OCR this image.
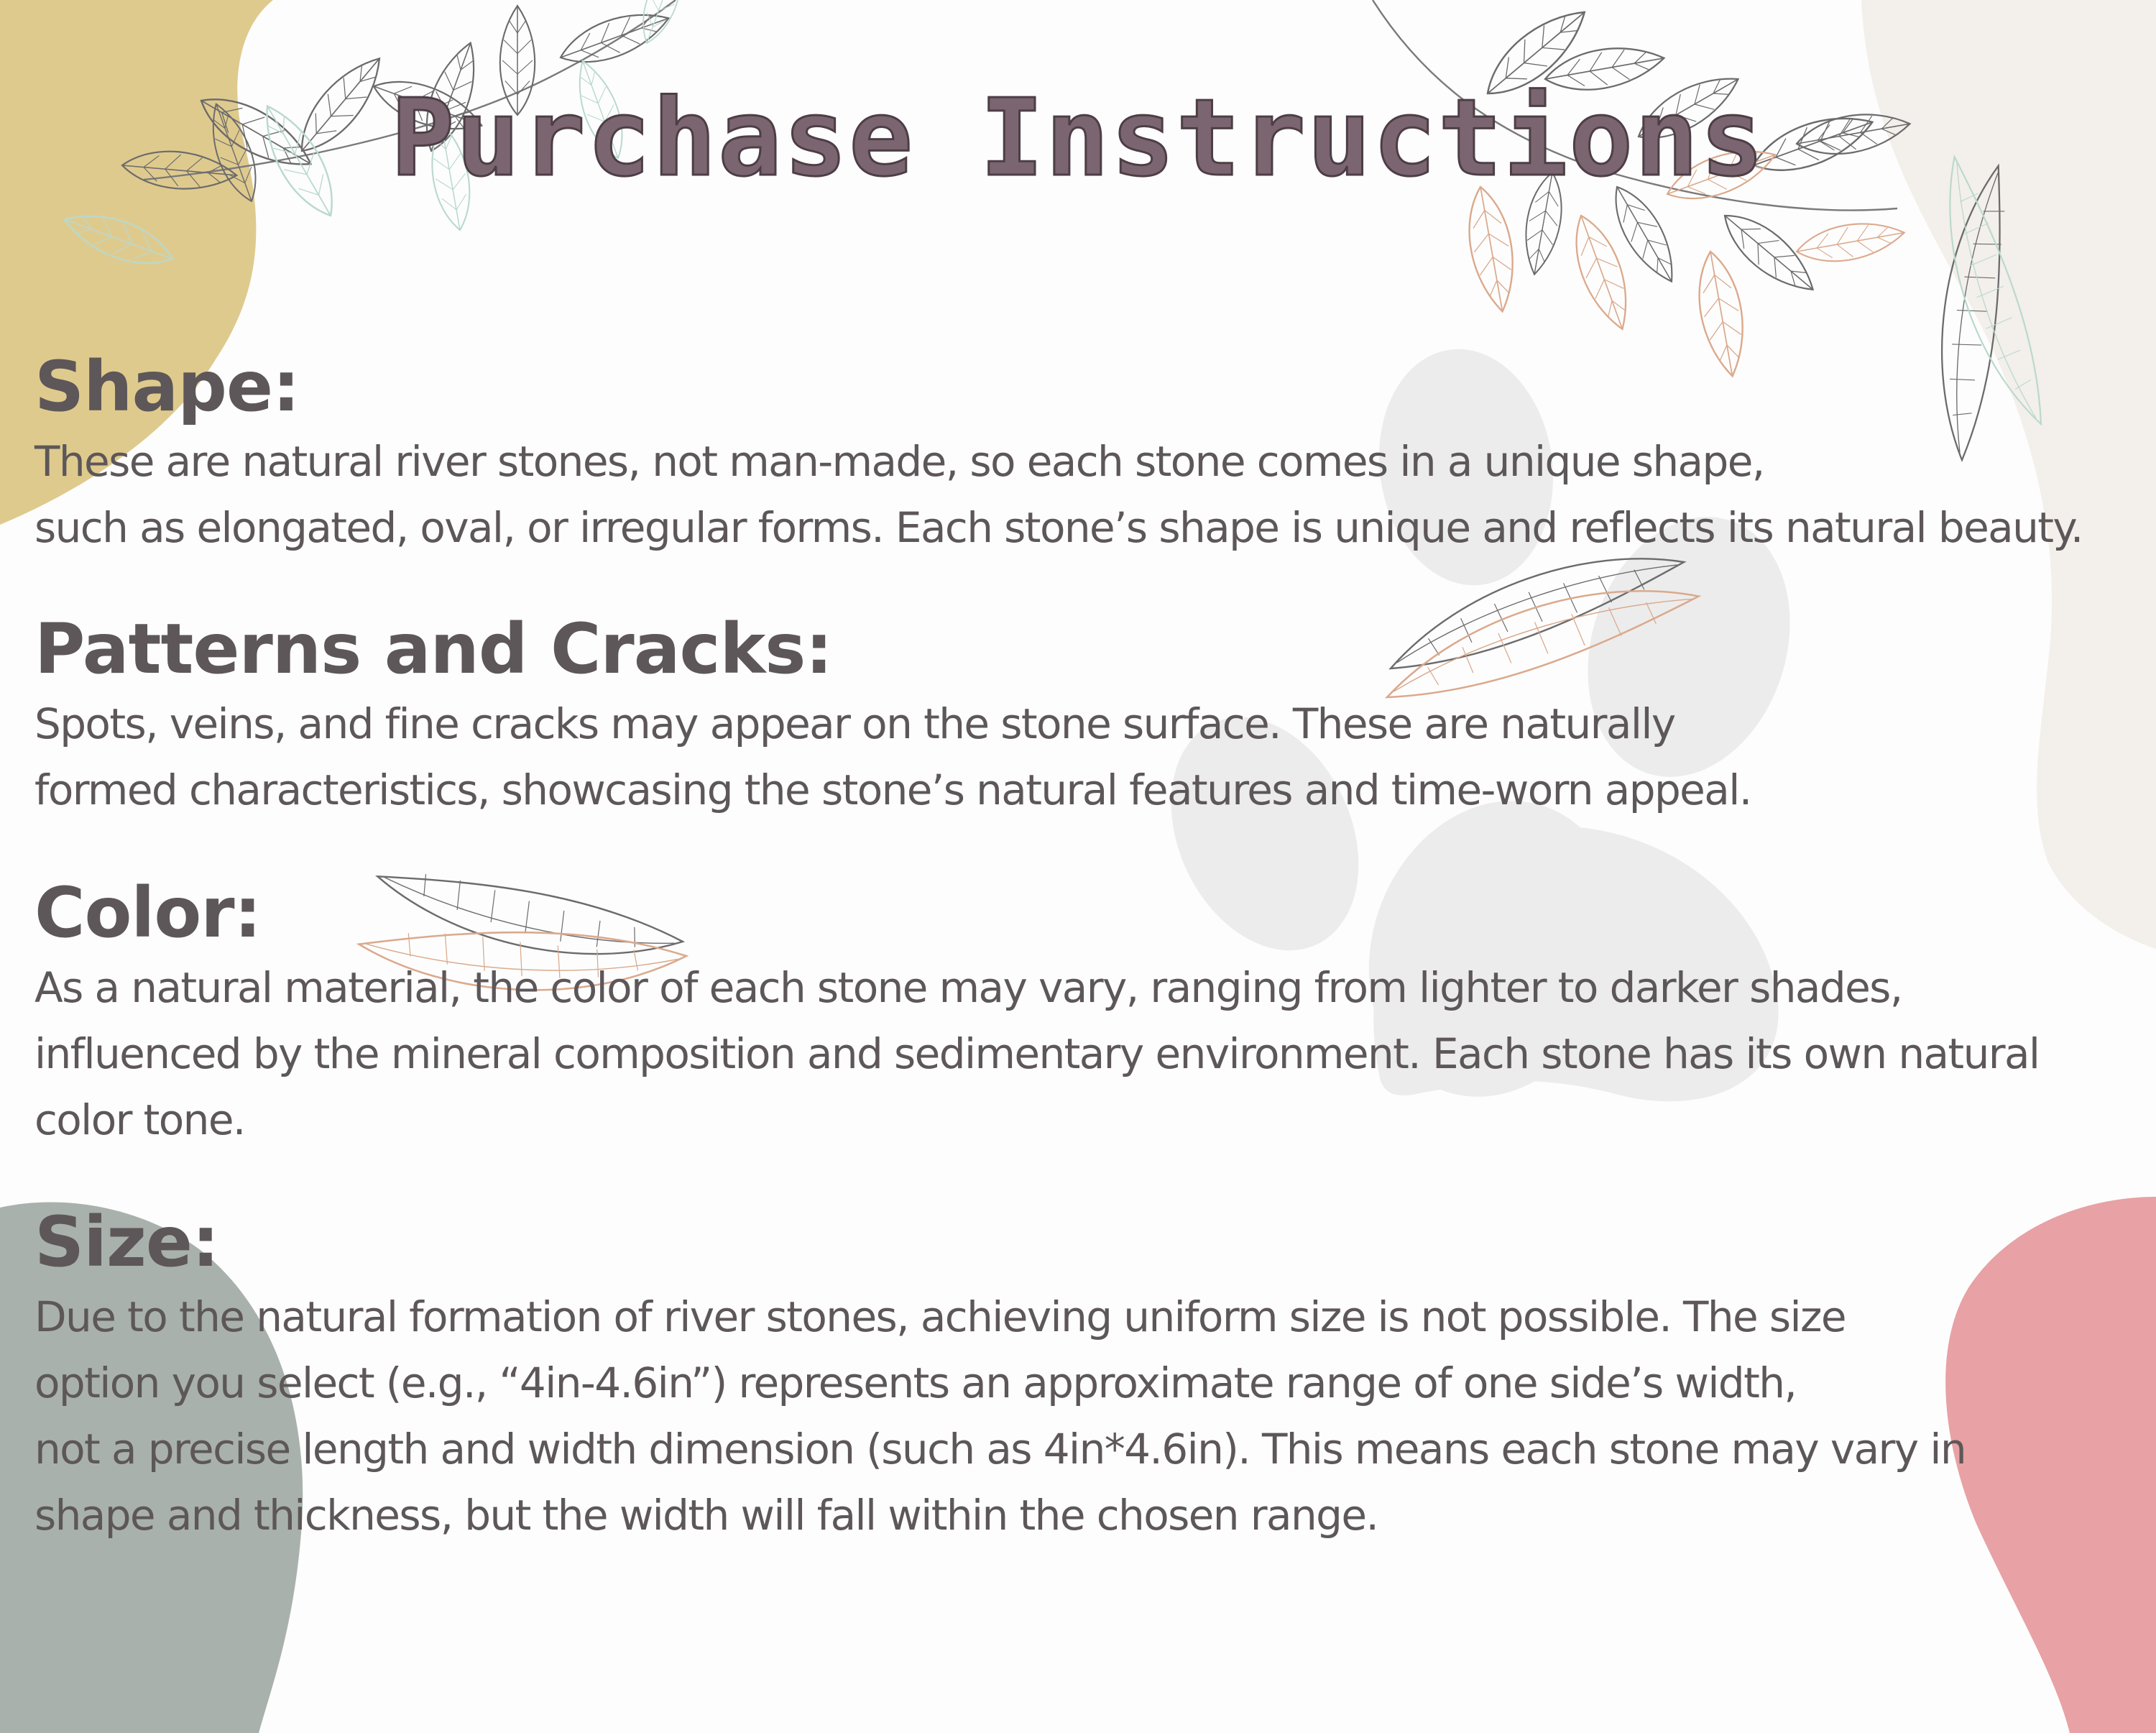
Purchase Instructions
Shape:

These are natural river stones, not man-made, so each stone comes in a unique shape,

such as elongated, oval, or irregular forms. Each stone’s shape is unique and reflects its natural beauty.

Patterns and Cracks:

Spots, veins, and fine cracks may appear on the stone surface. These are naturally

formed characteristics, showcasing the stone’s natural features and time-worn appeal.

Color:

As a natural material, the color of each stone may vary, ranging from lighter to darker shades,

influenced by the mineral composition and sedimentary environment. Each stone has its own natural

color tone.

Size:

Due to the natural formation of river stones, achieving uniform size is not possible. The size

option you select (e.g., “4in-4.6in”) represents an approximate range of one side’s width,

not a precise length and width dimension (such as 4in*4.6in). This means each stone may vary in

shape and thickness, but the width will fall within the chosen range.
